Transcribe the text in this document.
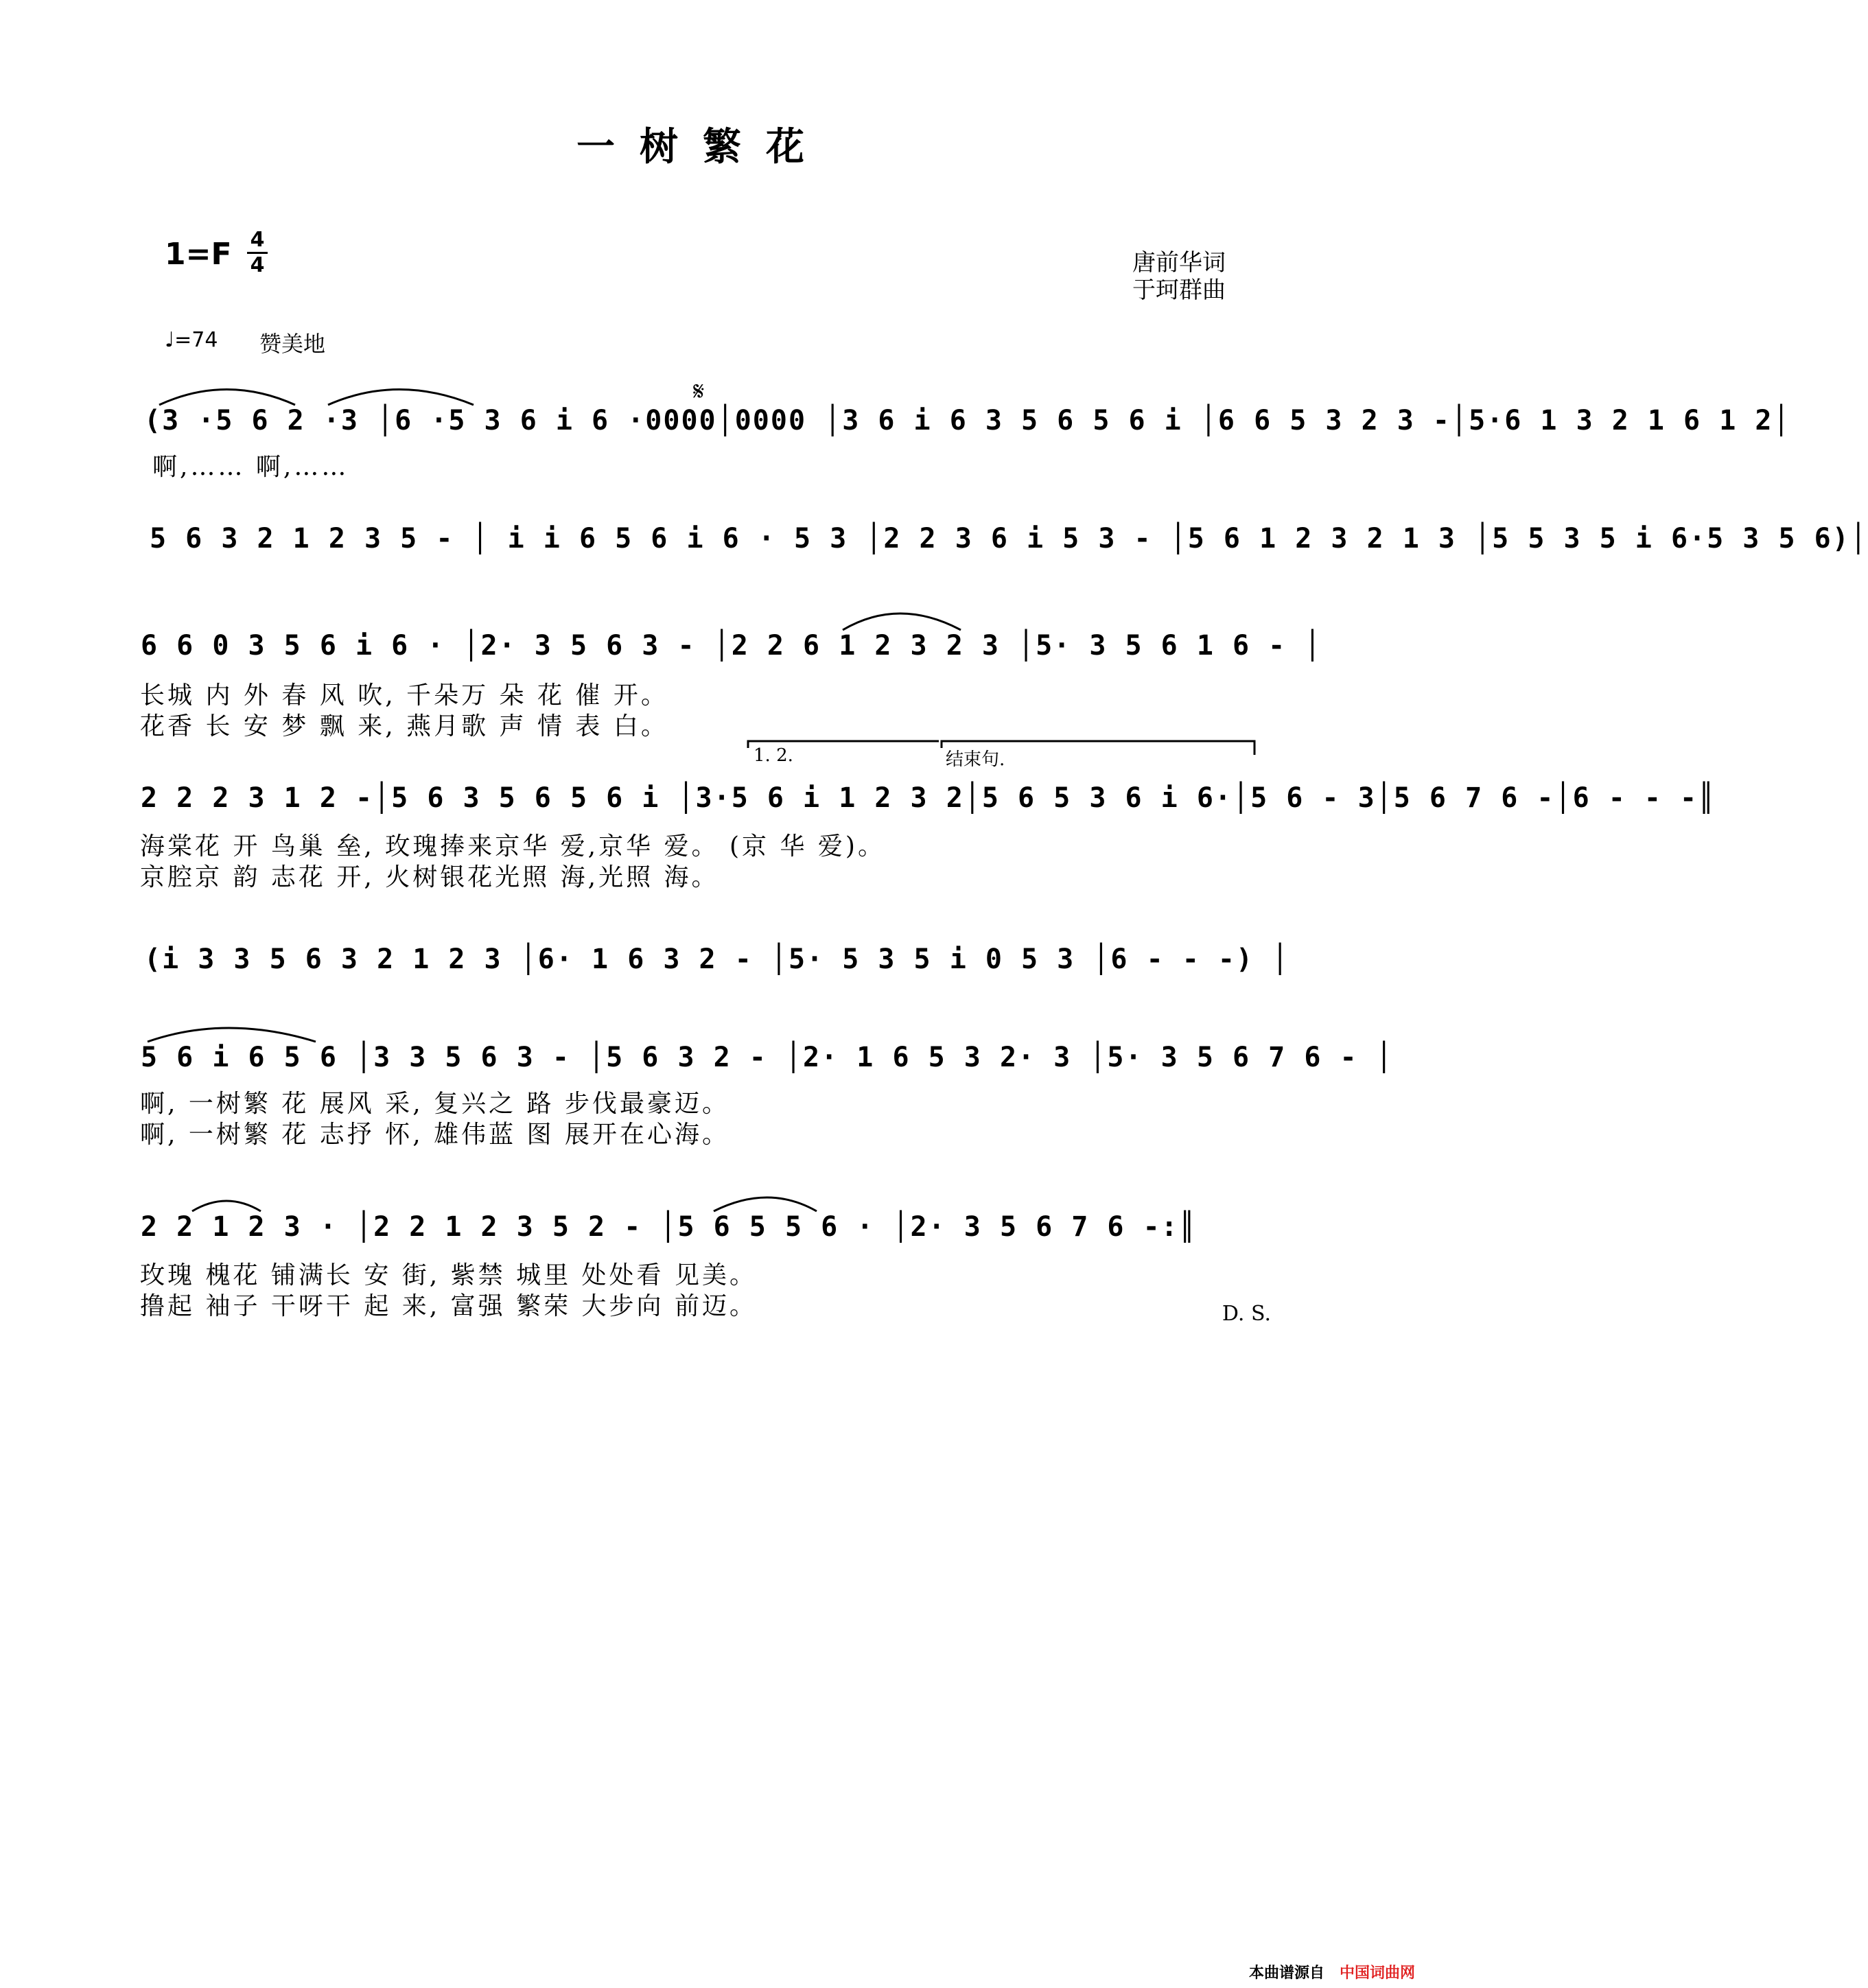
一树繁花
1=F 4
4	唐前华词
于珂群曲
♩=74 赞美地
𝄋
(3 ·5 6 2 ·3 │6 ·5 3 6 i 6 ·0000│0000 │3 6 i 6 3 5 6 5 6 i │6 6 5 3 2 3 -│5·6 1 3 2 1 6 1 2│
啊,…… 啊,……
5 6 3 2 1 2 3 5 - │ i i 6 5 6 i 6 · 5 3 │2 2 3 6 i 5 3 - │5 6 1 2 3 2 1 3 │5 5 3 5 i 6·5 3 5 6)│
6 6 0 3 5 6 i 6 · │2· 3 5 6 3 - │2 2 6 1 2 3 2 3 │5· 3 5 6 1 6 - │
长城 内 外 春 风 吹, 千朵万 朵 花 催 开。
花香 长 安 梦 飘 来, 燕月歌 声 情 表 白。
1. 2.	结束句.
2 2 2 3 1 2 -│5 6 3 5 6 5 6 i │3·5 6 i 1 2 3 2│5 6 5 3 6 i 6·│5 6 - 3│5 6 7 6 -│6 - - -║
海棠花 开 鸟巢 垒, 玫瑰捧来京华 爱,京华 爱。 (京 华 爱)。
京腔京 韵 志花 开, 火树银花光照 海,光照 海。
(i 3 3 5 6 3 2 1 2 3 │6· 1 6 3 2 - │5· 5 3 5 i 0 5 3 │6 - - -) │
5 6 i 6 5 6 │3 3 5 6 3 - │5 6 3 2 - │2· 1 6 5 3 2· 3 │5· 3 5 6 7 6 - │
啊, 一树繁 花 展风 采, 复兴之 路 步伐最豪迈。
啊, 一树繁 花 志抒 怀, 雄伟蓝 图 展开在心海。
2 2 1 2 3 · │2 2 1 2 3 5 2 - │5 6 5 5 6 · │2· 3 5 6 7 6 -:║
玫瑰 槐花 铺满长 安 街, 紫禁 城里 处处看 见美。
撸起 袖子 干呀干 起 来, 富强 繁荣 大步向 前迈。	D. S.
本曲谱源自 中国词曲网
